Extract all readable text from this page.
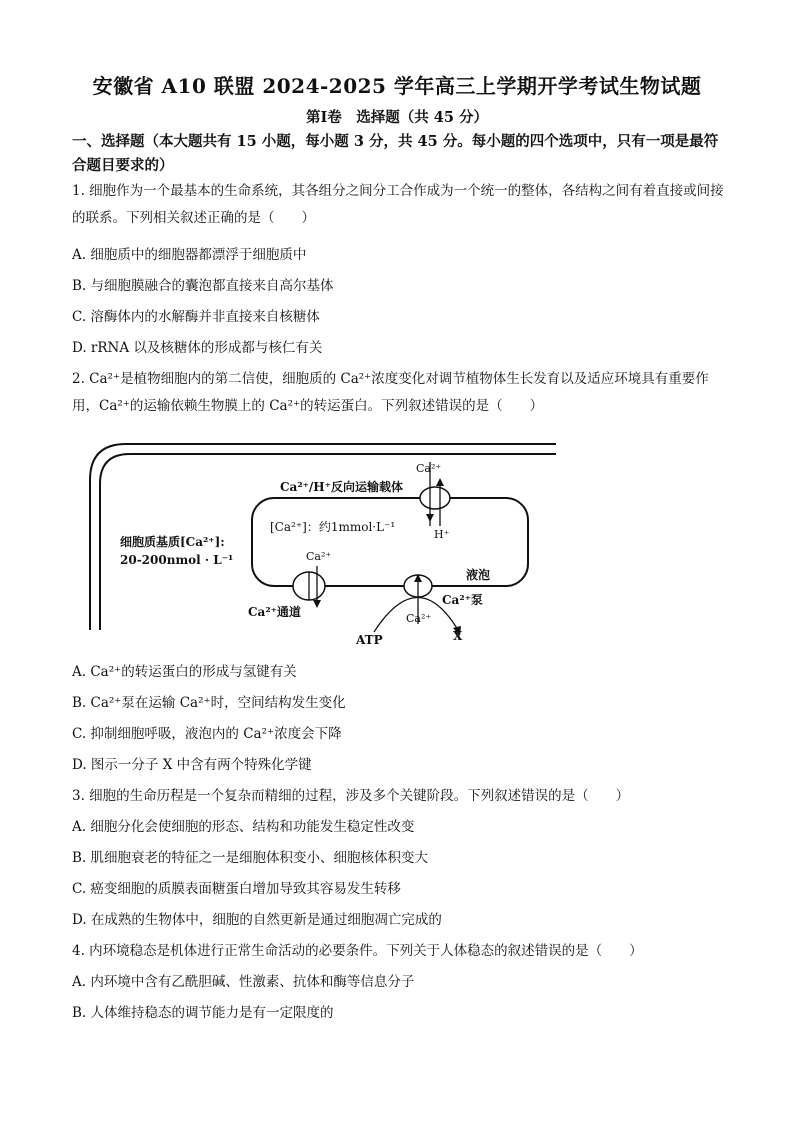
安徽省 A10 联盟 2024-2025 学年高三上学期开学考试生物试题
第Ⅰ卷　选择题（共 45 分）
一、选择题（本大题共有 15 小题，每小题 3 分，共 45 分。每小题的四个选项中，只有一项是最符合题目要求的）
1. 细胞作为一个最基本的生命系统，其各组分之间分工合作成为一个统一的整体，各结构之间有着直接或间接的联系。下列相关叙述正确的是（　　）
A. 细胞质中的细胞器都漂浮于细胞质中
B. 与细胞膜融合的囊泡都直接来自高尔基体
C. 溶酶体内的水解酶并非直接来自核糖体
D. rRNA 以及核糖体的形成都与核仁有关
2. Ca²⁺是植物细胞内的第二信使，细胞质的 Ca²⁺浓度变化对调节植物体生长发育以及适应环境具有重要作用，Ca²⁺的运输依赖生物膜上的 Ca²⁺的转运蛋白。下列叙述错误的是（　　）
Ca²⁺
Ca²⁺/H⁺反向运输载体
[Ca²⁺]：约1mmol·L⁻¹
H⁺
细胞质基质[Ca²⁺]:
20-200nmol · L⁻¹	Ca²⁺
液泡
Ca²⁺通道
Ca²⁺泵
Ca²⁺
ATP	X
A. Ca²⁺的转运蛋白的形成与氢键有关
B. Ca²⁺泵在运输 Ca²⁺时，空间结构发生变化
C. 抑制细胞呼吸，液泡内的 Ca²⁺浓度会下降
D. 图示一分子 X 中含有两个特殊化学键
3. 细胞的生命历程是一个复杂而精细的过程，涉及多个关键阶段。下列叙述错误的是（　　）
A. 细胞分化会使细胞的形态、结构和功能发生稳定性改变
B. 肌细胞衰老的特征之一是细胞体积变小、细胞核体积变大
C. 癌变细胞的质膜表面糖蛋白增加导致其容易发生转移
D. 在成熟的生物体中，细胞的自然更新是通过细胞凋亡完成的
4. 内环境稳态是机体进行正常生命活动的必要条件。下列关于人体稳态的叙述错误的是（　　）
A. 内环境中含有乙酰胆碱、性激素、抗体和酶等信息分子
B. 人体维持稳态的调节能力是有一定限度的
